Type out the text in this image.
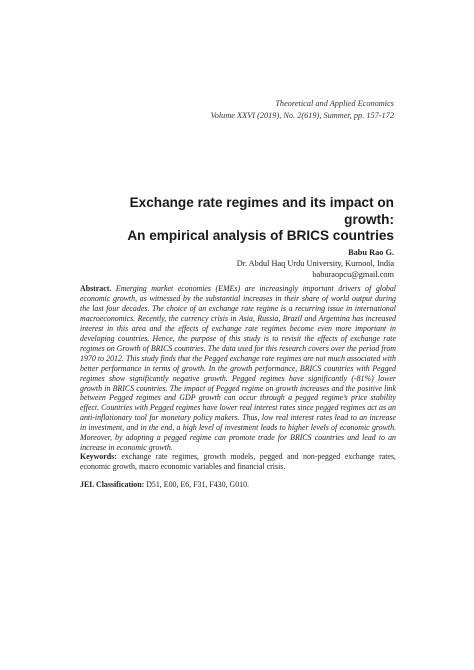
Theoretical and Applied Economics
Volume XXVI (2019), No. 2(619), Summer, pp. 157-172
Exchange rate regimes and its impact on growth:
An empirical analysis of BRICS countries
Babu Rao G.
Dr. Abdul Haq Urdu University, Kurnool, India
baburaopcu@gmail.com
Abstract. Emerging market economies (EMEs) are increasingly important drivers of global economic growth, as witnessed by the substantial increases in their share of world output during the last four decades. The choice of an exchange rate regime is a recurring issue in international macroeconomics. Recently, the currency crisis in Asia, Russia, Brazil and Argentina has increased interest in this area and the effects of exchange rate regimes become even more important in developing countries. Hence, the purpose of this study is to revisit the effects of exchange rate regimes on Growth of BRICS countries. The data used for this research covers over the period from 1970 to 2012. This study finds that the Pegged exchange rate regimes are not much associated with better performance in terms of growth. In the growth performance, BRICS countries with Pegged regimes show significantly negative growth. Pegged regimes have significantly (-81%) lower growth in BRICS countries. The impact of Pegged regime on growth increases and the positive link between Pegged regimes and GDP growth can occur through a pegged regime’s price stability effect. Countries with Pegged regimes have lower real interest rates since pegged regimes act as an anti-inflationary tool for monetary policy makers. Thus, low real interest rates lead to an increase in investment, and in the end, a high level of investment leads to higher levels of economic growth. Moreover, by adopting a pegged regime can promote trade for BRICS countries and lead to an increase in economic growth.
Keywords: exchange rate regimes, growth models, pegged and non-pegged exchange rates, economic growth, macro economic variables and financial crisis.
JEL Classification: D51, E00, E6, F31, F430, G010.
